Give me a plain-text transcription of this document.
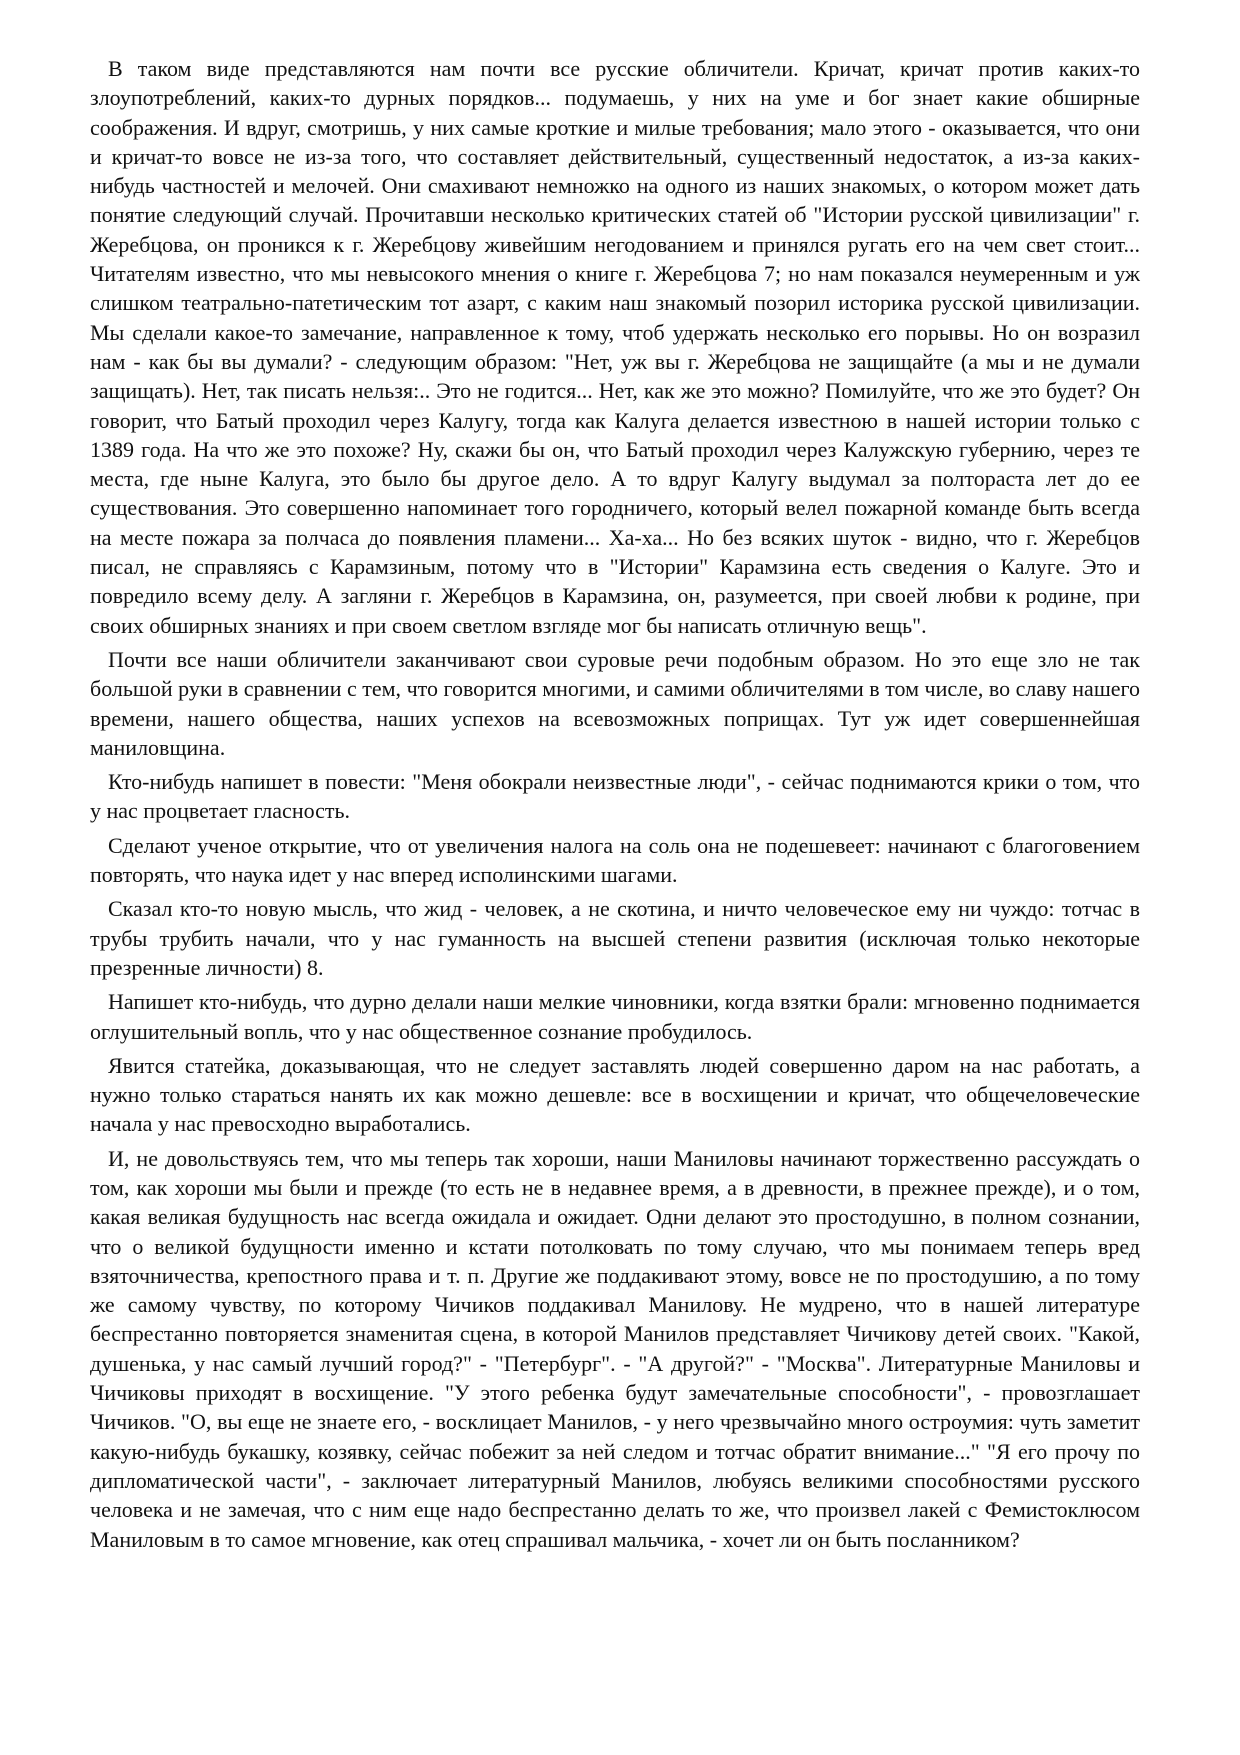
В таком виде представляются нам почти все русские обличители. Кричат, кричат против каких-то злоупотреблений, каких-то дурных порядков... подумаешь, у них на уме и бог знает какие обширные соображения. И вдруг, смотришь, у них самые кроткие и милые требования; мало этого - оказывается, что они и кричат-то вовсе не из-за того, что составляет действительный, существенный недостаток, а из-за каких-нибудь частностей и мелочей. Они смахивают немножко на одного из наших знакомых, о котором может дать понятие следующий случай. Прочитавши несколько критических статей об "Истории русской цивилизации" г. Жеребцова, он проникся к г. Жеребцову живейшим негодованием и принялся ругать его на чем свет стоит... Читателям известно, что мы невысокого мнения о книге г. Жеребцова 7; но нам показался неумеренным и уж слишком театрально-патетическим тот азарт, с каким наш знакомый позорил историка русской цивилизации. Мы сделали какое-то замечание, направленное к тому, чтоб удержать несколько его порывы. Но он возразил нам - как бы вы думали? - следующим образом: "Нет, уж вы г. Жеребцова не защищайте (а мы и не думали защищать). Нет, так писать нельзя:.. Это не годится... Нет, как же это можно? Помилуйте, что же это будет? Он говорит, что Батый проходил через Калугу, тогда как Калуга делается известною в нашей истории только с 1389 года. На что же это похоже? Ну, скажи бы он, что Батый проходил через Калужскую губернию, через те места, где ныне Калуга, это было бы другое дело. А то вдруг Калугу выдумал за полтораста лет до ее существования. Это совершенно напоминает того городничего, который велел пожарной команде быть всегда на месте пожара за полчаса до появления пламени... Ха-ха... Но без всяких шуток - видно, что г. Жеребцов писал, не справляясь с Карамзиным, потому что в "Истории" Карамзина есть сведения о Калуге. Это и повредило всему делу. А загляни г. Жеребцов в Карамзина, он, разумеется, при своей любви к родине, при своих обширных знаниях и при своем светлом взгляде мог бы написать отличную вещь".

Почти все наши обличители заканчивают свои суровые речи подобным образом. Но это еще зло не так большой руки в сравнении с тем, что говорится многими, и самими обличителями в том числе, во славу нашего времени, нашего общества, наших успехов на всевозможных поприщах. Тут уж идет совершеннейшая маниловщина.

Кто-нибудь напишет в повести: "Меня обокрали неизвестные люди", - сейчас поднимаются крики о том, что у нас процветает гласность.

Сделают ученое открытие, что от увеличения налога на соль она не подешевеет: начинают с благоговением повторять, что наука идет у нас вперед исполинскими шагами.

Сказал кто-то новую мысль, что жид - человек, а не скотина, и ничто человеческое ему ни чуждо: тотчас в трубы трубить начали, что у нас гуманность на высшей степени развития (исключая только некоторые презренные личности) 8.

Напишет кто-нибудь, что дурно делали наши мелкие чиновники, когда взятки брали: мгновенно поднимается оглушительный вопль, что у нас общественное сознание пробудилось.

Явится статейка, доказывающая, что не следует заставлять людей совершенно даром на нас работать, а нужно только стараться нанять их как можно дешевле: все в восхищении и кричат, что общечеловеческие начала у нас превосходно выработались.

И, не довольствуясь тем, что мы теперь так хороши, наши Маниловы начинают торжественно рассуждать о том, как хороши мы были и прежде (то есть не в недавнее время, а в древности, в прежнее прежде), и о том, какая великая будущность нас всегда ожидала и ожидает. Одни делают это простодушно, в полном сознании, что о великой будущности именно и кстати потолковать по тому случаю, что мы понимаем теперь вред взяточничества, крепостного права и т. п. Другие же поддакивают этому, вовсе не по простодушию, а по тому же самому чувству, по которому Чичиков поддакивал Манилову. Не мудрено, что в нашей литературе беспрестанно повторяется знаменитая сцена, в которой Манилов представляет Чичикову детей своих. "Какой, душенька, у нас самый лучший город?" - "Петербург". - "А другой?" - "Москва". Литературные Маниловы и Чичиковы приходят в восхищение. "У этого ребенка будут замечательные способности", - провозглашает Чичиков. "О, вы еще не знаете его, - восклицает Манилов, - у него чрезвычайно много остроумия: чуть заметит какую-нибудь букашку, козявку, сейчас побежит за ней следом и тотчас обратит внимание..." "Я его прочу по дипломатической части", - заключает литературный Манилов, любуясь великими способностями русского человека и не замечая, что с ним еще надо беспрестанно делать то же, что произвел лакей с Фемистоклюсом Маниловым в то самое мгновение, как отец спрашивал мальчика, - хочет ли он быть посланником?
